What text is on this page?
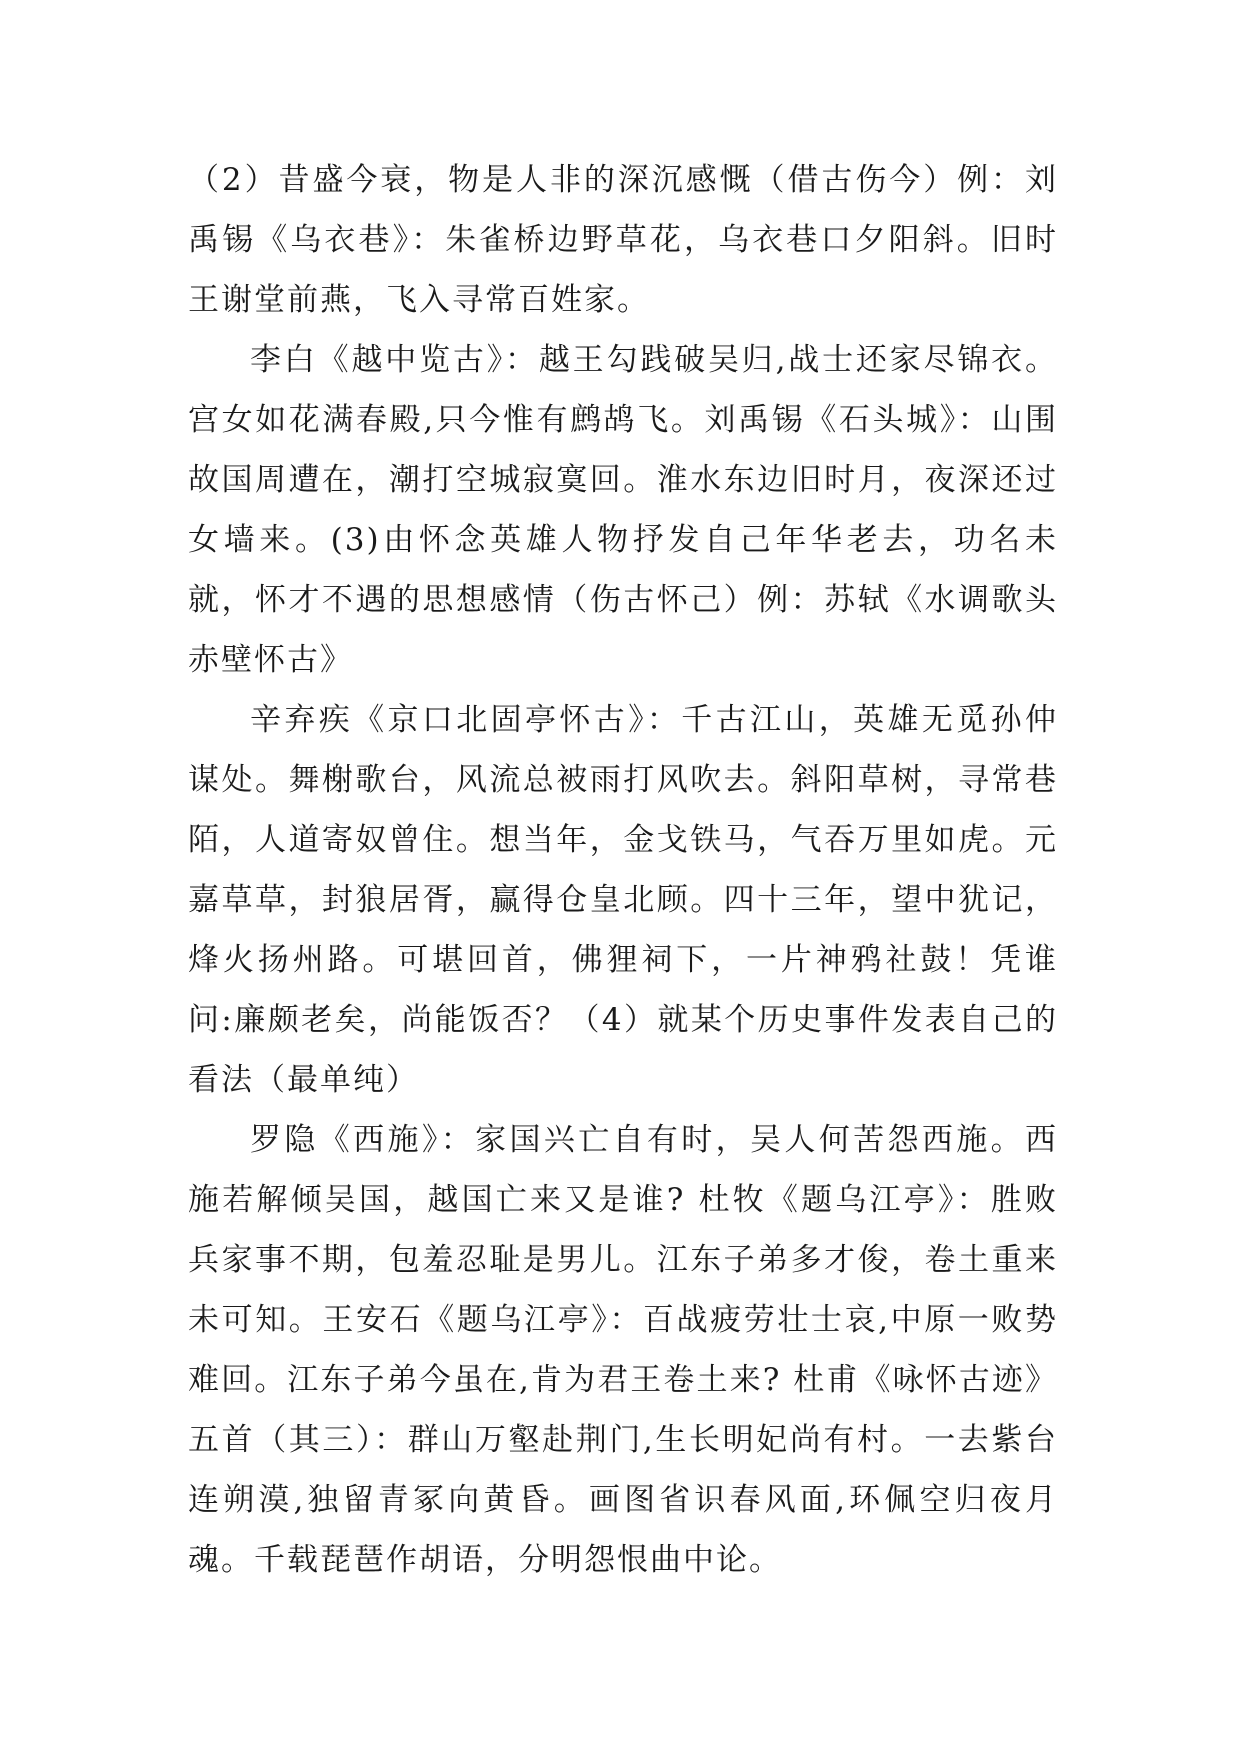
（2）昔盛今衰，物是人非的深沉感慨（借古伤今）例：刘禹锡《乌衣巷》：朱雀桥边野草花，乌衣巷口夕阳斜。旧时王谢堂前燕，飞入寻常百姓家。

李白《越中览古》：越王勾践破吴归,战士还家尽锦衣。宫女如花满春殿,只今惟有鹧鸪飞。刘禹锡《石头城》：山围故国周遭在，潮打空城寂寞回。淮水东边旧时月，夜深还过女墙来。(3)由怀念英雄人物抒发自己年华老去，功名未就，怀才不遇的思想感情（伤古怀己）例：苏轼《水调歌头 赤壁怀古》

辛弃疾《京口北固亭怀古》：千古江山，英雄无觅孙仲谋处。舞榭歌台，风流总被雨打风吹去。斜阳草树，寻常巷陌，人道寄奴曾住。想当年，金戈铁马，气吞万里如虎。元嘉草草，封狼居胥，赢得仓皇北顾。四十三年，望中犹记，烽火扬州路。可堪回首，佛狸祠下，一片神鸦社鼓！凭谁问:廉颇老矣，尚能饭否？（4）就某个历史事件发表自己的看法（最单纯）

罗隐《西施》：家国兴亡自有时，吴人何苦怨西施。西施若解倾吴国，越国亡来又是谁? 杜牧《题乌江亭》：胜败兵家事不期，包羞忍耻是男儿。江东子弟多才俊，卷土重来未可知。王安石《题乌江亭》：百战疲劳壮士哀,中原一败势难回。江东子弟今虽在,肯为君王卷土来? 杜甫《咏怀古迹》五首（其三）：群山万壑赴荆门,生长明妃尚有村。一去紫台连朔漠,独留青冢向黄昏。画图省识春风面,环佩空归夜月魂。千载琵琶作胡语，分明怨恨曲中论。
